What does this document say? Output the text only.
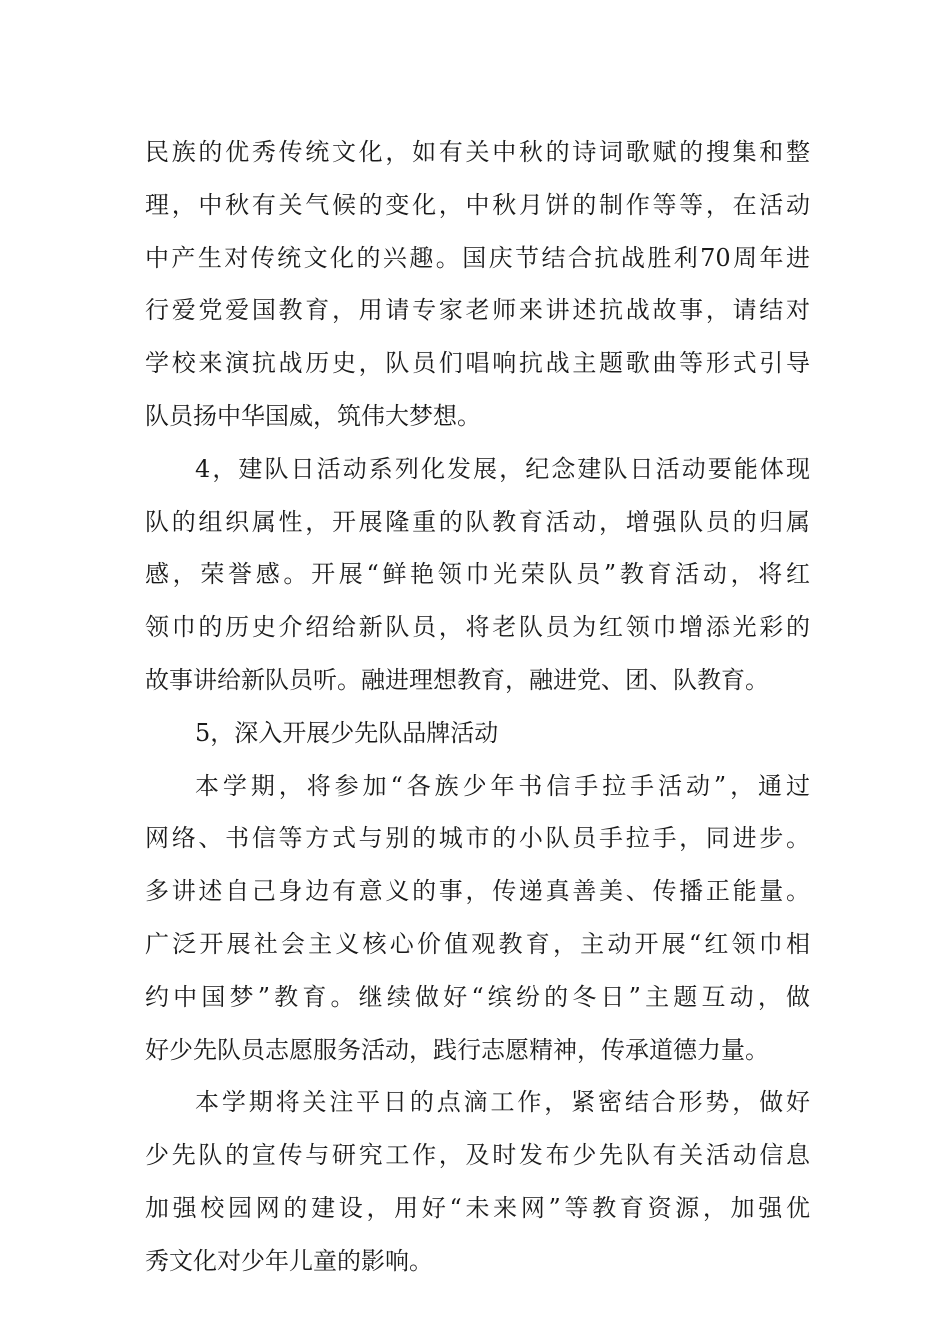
民族的优秀传统文化，如有关中秋的诗词歌赋的搜集和整
理，中秋有关气候的变化，中秋月饼的制作等等，在活动
中产生对传统文化的兴趣。国庆节结合抗战胜利70周年进
行爱党爱国教育，用请专家老师来讲述抗战故事，请结对
学校来演抗战历史，队员们唱响抗战主题歌曲等形式引导
队员扬中华国威，筑伟大梦想。
4，建队日活动系列化发展，纪念建队日活动要能体现
队的组织属性，开展隆重的队教育活动，增强队员的归属
感，荣誉感。开展“鲜艳领巾光荣队员”教育活动，将红
领巾的历史介绍给新队员，将老队员为红领巾增添光彩的
故事讲给新队员听。融进理想教育，融进党、团、队教育。
5，深入开展少先队品牌活动
本学期，将参加“各族少年书信手拉手活动”，通过
网络、书信等方式与别的城市的小队员手拉手，同进步。
多讲述自己身边有意义的事，传递真善美、传播正能量。
广泛开展社会主义核心价值观教育，主动开展“红领巾相
约中国梦”教育。继续做好“缤纷的冬日”主题互动，做
好少先队员志愿服务活动，践行志愿精神，传承道德力量。
本学期将关注平日的点滴工作，紧密结合形势，做好
少先队的宣传与研究工作，及时发布少先队有关活动信息
加强校园网的建设，用好“未来网”等教育资源，加强优
秀文化对少年儿童的影响。
